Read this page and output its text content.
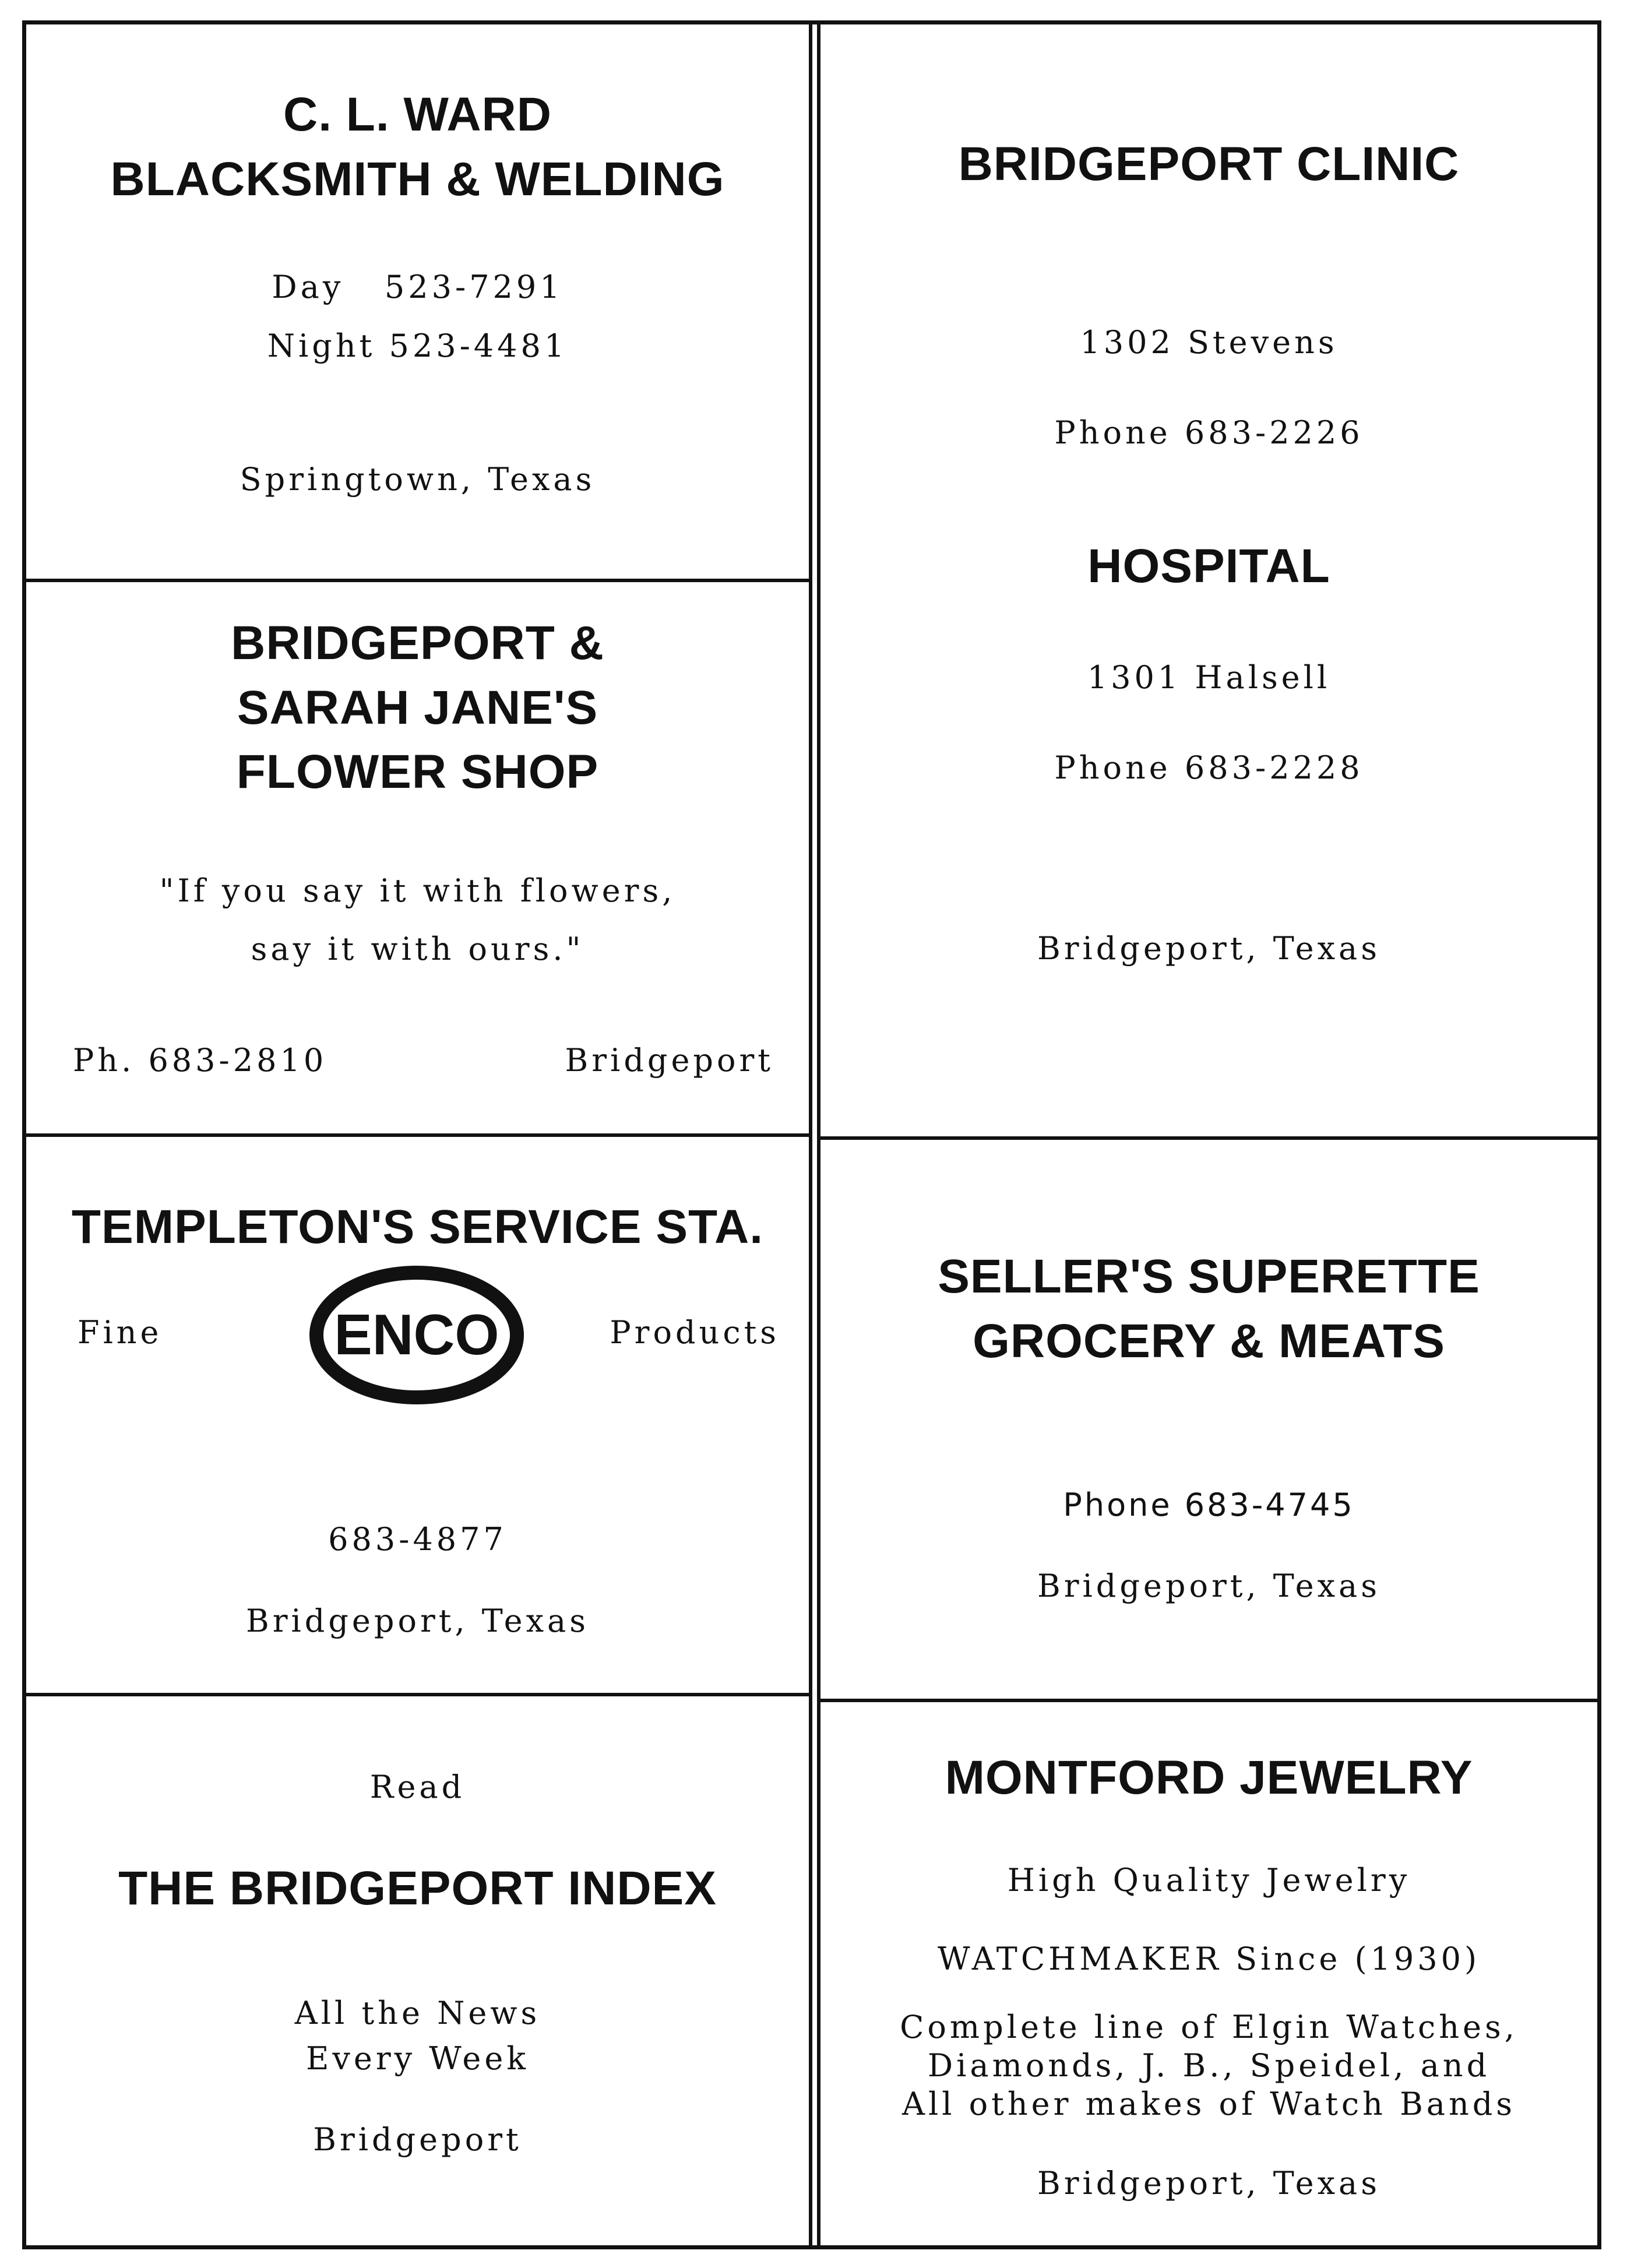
C. L. WARD
BLACKSMITH & WELDING
Day 523-7291
Night 523-4481
Springtown, Texas
BRIDGEPORT &
SARAH JANE'S
FLOWER SHOP
"If you say it with flowers,
say it with ours."
Ph. 683-2810	Bridgeport
BRIDGEPORT CLINIC
1302 Stevens
Phone 683-2226
HOSPITAL
1301 Halsell
Phone 683-2228
Bridgeport, Texas
TEMPLETON'S SERVICE STA.
Fine	ENCO	Products
683-4877
Bridgeport, Texas
SELLER'S SUPERETTE
GROCERY & MEATS
Phone 683-4745
Bridgeport, Texas
Read
THE BRIDGEPORT INDEX
All the News
Every Week
Bridgeport
MONTFORD JEWELRY
High Quality Jewelry
WATCHMAKER Since (1930)
Complete line of Elgin Watches,
Diamonds, J. B., Speidel, and
All other makes of Watch Bands
Bridgeport, Texas
